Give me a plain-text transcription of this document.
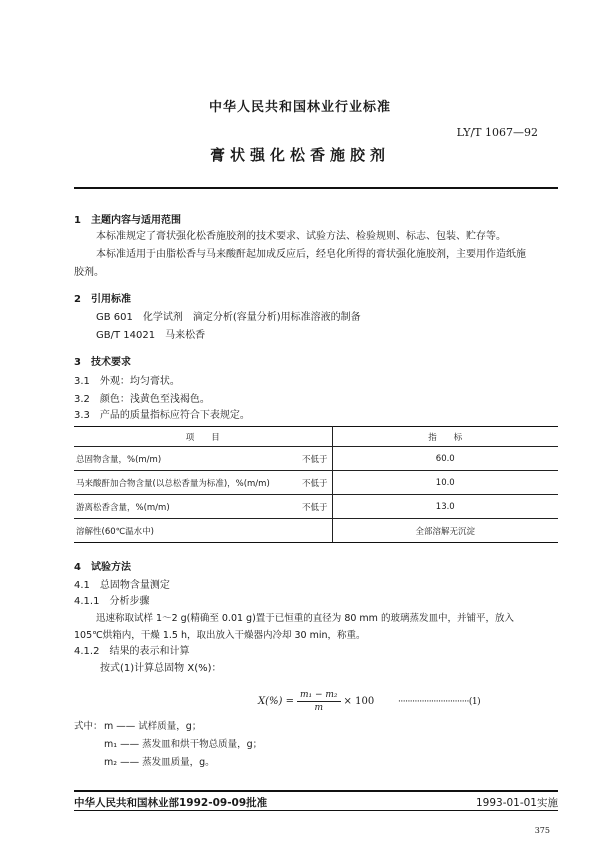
中华人民共和国林业行业标准
LY/T 1067—92
膏状强化松香施胶剂
1　主题内容与适用范围
本标准规定了膏状强化松香施胶剂的技术要求、试验方法、检验规则、标志、包装、贮存等。
本标准适用于由脂松香与马来酸酐起加成反应后，经皂化所得的膏状强化施胶剂，主要用作造纸施
胶剂。
2　引用标准
GB 601　化学试剂　滴定分析(容量分析)用标准溶液的制备
GB/T 14021　马来松香
3　技术要求
3.1　外观：均匀膏状。
3.2　颜色：浅黄色至浅褐色。
3.3　产品的质量指标应符合下表规定。
项　　目	指　　标
总固物含量，%(m/m) 不低于	60.0
马来酸酐加合物含量(以总松香量为标准)，%(m/m) 不低于	10.0
游离松香含量，%(m/m) 不低于	13.0
溶解性(60℃温水中)	全部溶解无沉淀
4　试验方法
4.1　总固物含量测定
4.1.1　分析步骤
迅速称取试样 1～2 g(精确至 0.01 g)置于已恒重的直径为 80 mm 的玻璃蒸发皿中，并铺平，放入
105℃烘箱内，干燥 1.5 h，取出放入干燥器内冷却 30 min，称重。
4.1.2　结果的表示和计算
按式(1)计算总固物 X(%)：
$X(\%) = \frac{\text{m₁ − m₂}}{m} \times 100$	······························(1)
式中： m —— 试样质量，g；
m₁ —— 蒸发皿和烘干物总质量，g；
m₂ —— 蒸发皿质量，g。
中华人民共和国林业部1992-09-09批准	1993-01-01实施
375
